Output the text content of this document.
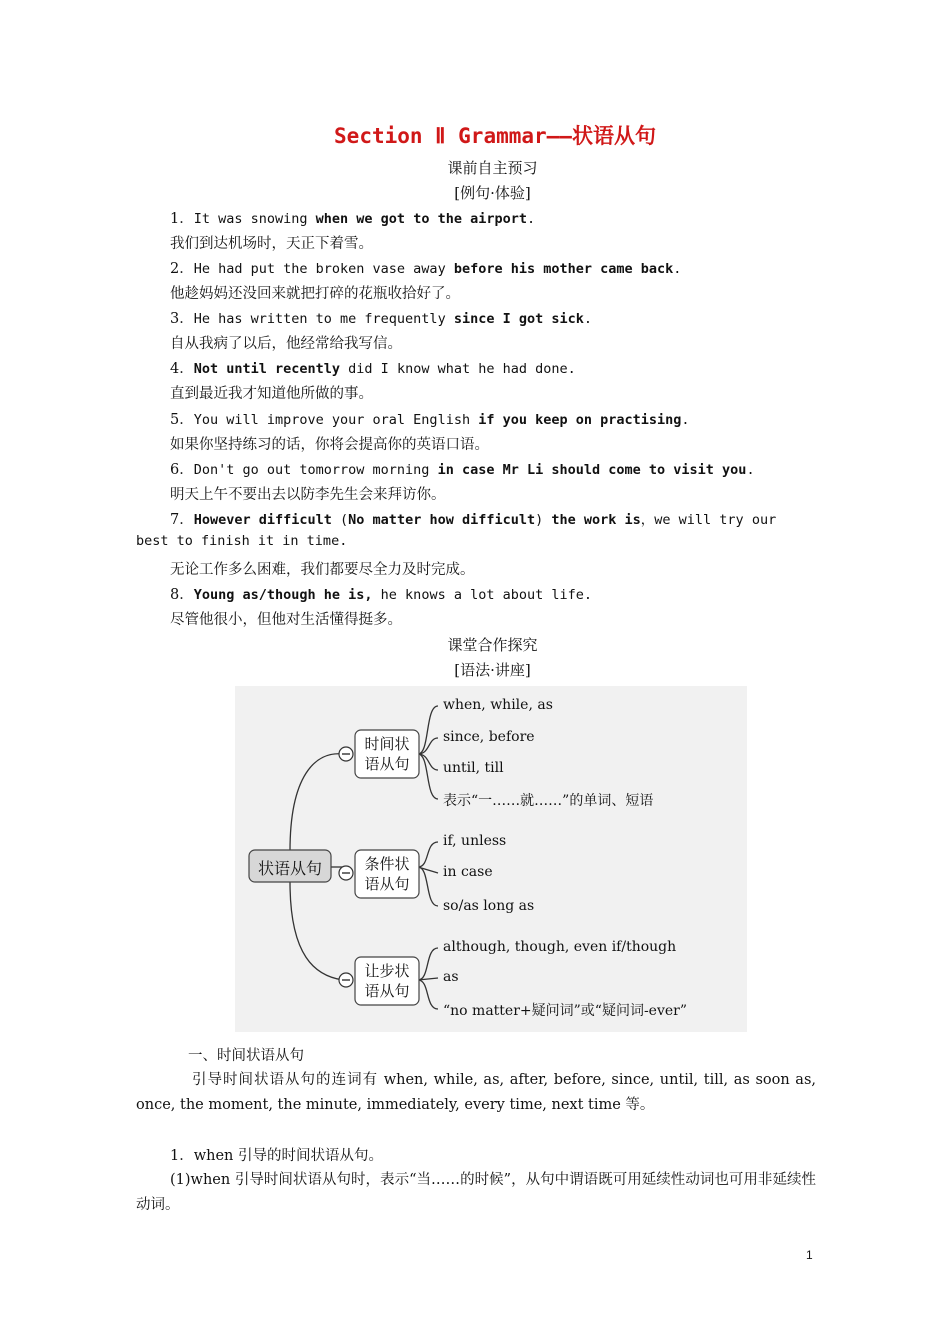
Section Ⅱ Grammar——状语从句
课前自主预习
[例句·体验]
1．It was snowing when we got to the airport.
我们到达机场时，天正下着雪。
2．He had put the broken vase away before his mother came back.
他趁妈妈还没回来就把打碎的花瓶收拾好了。
3．He has written to me frequently since I got sick.
自从我病了以后，他经常给我写信。
4．Not until recently did I know what he had done.
直到最近我才知道他所做的事。
5．You will improve your oral English if you keep on practising.
如果你坚持练习的话，你将会提高你的英语口语。
6．Don't go out tomorrow morning in case Mr Li should come to visit you.
明天上午不要出去以防李先生会来拜访你。
7．However difficult (No matter how difficult) the work is，we will try our
best to finish it in time.
无论工作多么困难，我们都要尽全力及时完成。
8．Young as/though he is, he knows a lot about life.
尽管他很小，但他对生活懂得挺多。
课堂合作探究
[语法·讲座]
状语从句
时间状
语从句
条件状
语从句
让步状
语从句
when, while, as
since, before
until, till
表示“一……就……”的单词、短语
if, unless
in case
so/as long as
although, though, even if/though
as
“no matter+疑问词”或“疑问词-ever”
一、时间状语从句
引导时间状语从句的连词有 when, while, as, after, before, since, until, till, as soon as, once, the moment, the minute, immediately, every time, next time 等。
1．when 引导的时间状语从句。
(1)when 引导时间状语从句时，表示“当……的时候”，从句中谓语既可用延续性动词也可用非延续性动词。
1
